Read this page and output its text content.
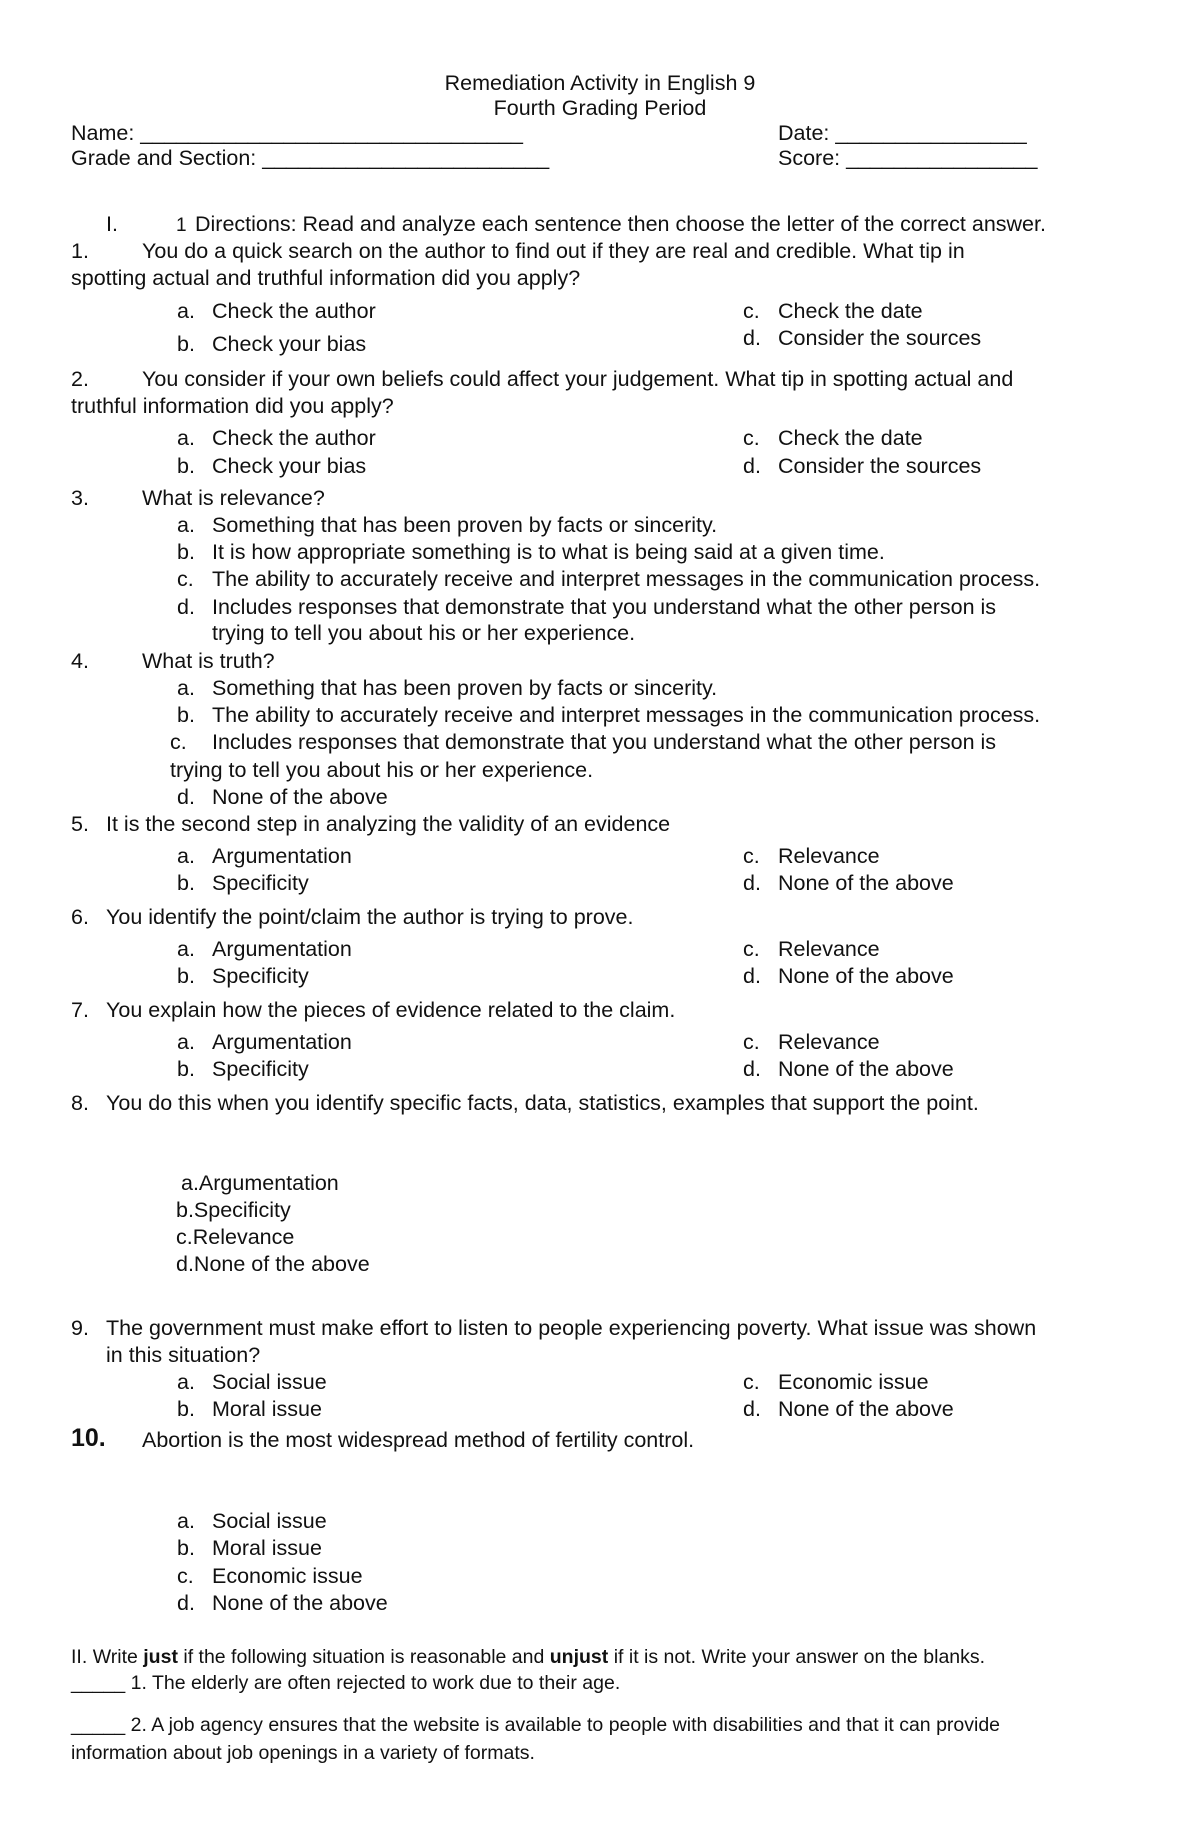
Remediation Activity in English 9
Fourth Grading Period
Name: ________________________________	Date: ________________
Grade and Section: ________________________	Score: ________________
I.	1 Directions: Read and analyze each sentence then choose the letter of the correct answer.
1. You do a quick search on the author to find out if they are real and credible. What tip in
spotting actual and truthful information did you apply?
a. Check the author
b. Check your bias
c. Check the date
d. Consider the sources
2. You consider if your own beliefs could affect your judgement. What tip in spotting actual and
truthful information did you apply?
a. Check the author
b. Check your bias
c. Check the date
d. Consider the sources
3. What is relevance?
a. Something that has been proven by facts or sincerity.
b. It is how appropriate something is to what is being said at a given time.
c. The ability to accurately receive and interpret messages in the communication process.
d. Includes responses that demonstrate that you understand what the other person is
trying to tell you about his or her experience.
4. What is truth?
a. Something that has been proven by facts or sincerity.
b. The ability to accurately receive and interpret messages in the communication process.
c. Includes responses that demonstrate that you understand what the other person is
trying to tell you about his or her experience.
d. None of the above
5. It is the second step in analyzing the validity of an evidence
a. Argumentation
b. Specificity
c. Relevance
d. None of the above
6. You identify the point/claim the author is trying to prove.
a. Argumentation
b. Specificity
c. Relevance
d. None of the above
7. You explain how the pieces of evidence related to the claim.
a. Argumentation
b. Specificity
c. Relevance
d. None of the above
8. You do this when you identify specific facts, data, statistics, examples that support the point.
a.Argumentation
b.Specificity
c.Relevance
d.None of the above
9. The government must make effort to listen to people experiencing poverty. What issue was shown
in this situation?
a. Social issue
b. Moral issue
c. Economic issue
d. None of the above
10. Abortion is the most widespread method of fertility control.
a. Social issue
b. Moral issue
c. Economic issue
d. None of the above
II. Write just if the following situation is reasonable and unjust if it is not. Write your answer on the blanks.
_____ 1. The elderly are often rejected to work due to their age.
_____ 2. A job agency ensures that the website is available to people with disabilities and that it can provide
information about job openings in a variety of formats.
